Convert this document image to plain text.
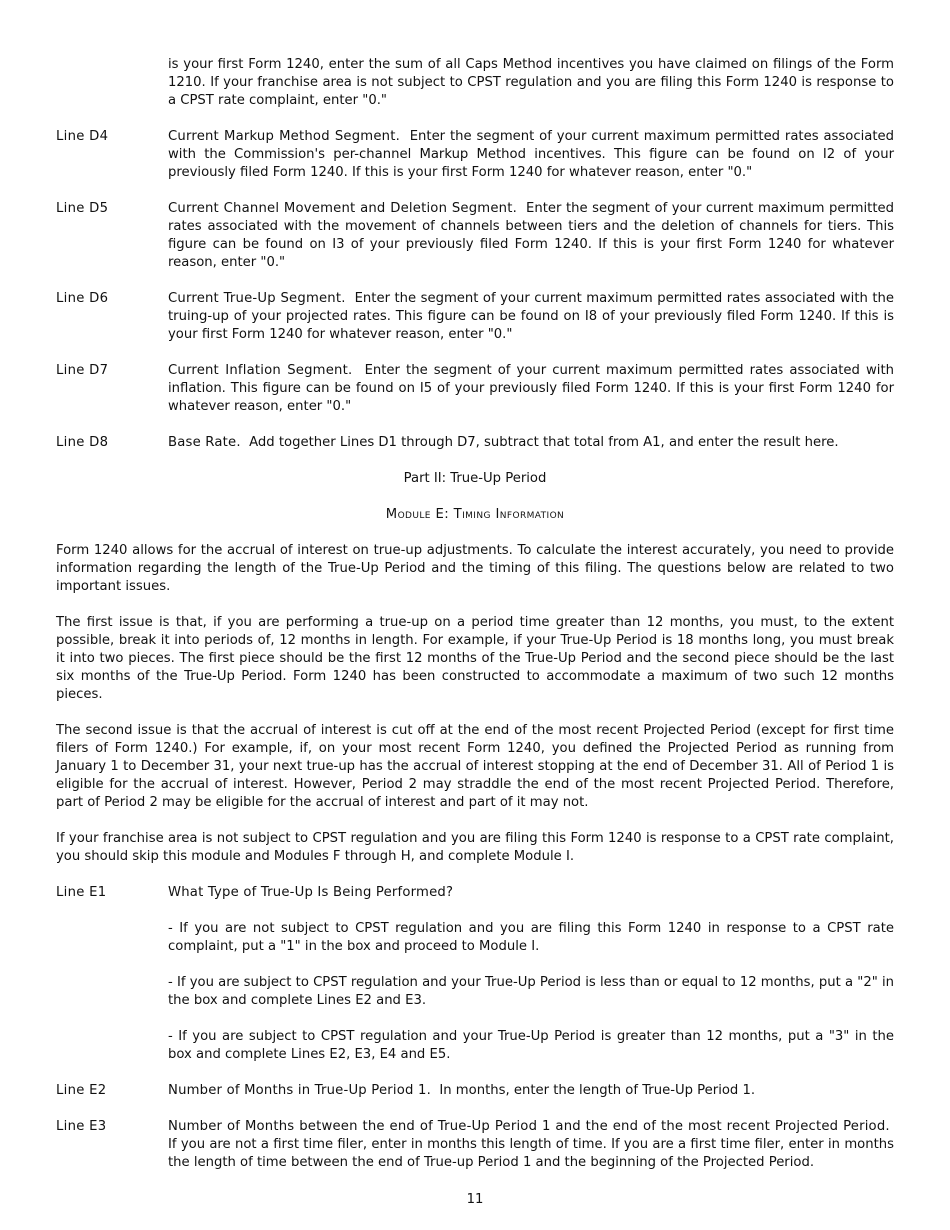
is your first Form 1240, enter the sum of all Caps Method incentives you have claimed on filings of the Form 1210. If your franchise area is not subject to CPST regulation and you are filing this Form 1240 is response to a CPST rate complaint, enter "0."
Line D4	Current Markup Method Segment. Enter the segment of your current maximum permitted rates associated with the Commission's per-channel Markup Method incentives. This figure can be found on I2 of your previously filed Form 1240. If this is your first Form 1240 for whatever reason, enter "0."
Line D5	Current Channel Movement and Deletion Segment. Enter the segment of your current maximum permitted rates associated with the movement of channels between tiers and the deletion of channels for tiers. This figure can be found on I3 of your previously filed Form 1240. If this is your first Form 1240 for whatever reason, enter "0."
Line D6	Current True-Up Segment. Enter the segment of your current maximum permitted rates associated with the truing-up of your projected rates. This figure can be found on I8 of your previously filed Form 1240. If this is your first Form 1240 for whatever reason, enter "0."
Line D7	Current Inflation Segment. Enter the segment of your current maximum permitted rates associated with inflation. This figure can be found on I5 of your previously filed Form 1240. If this is your first Form 1240 for whatever reason, enter "0."
Line D8	Base Rate. Add together Lines D1 through D7, subtract that total from A1, and enter the result here.
Part II: True-Up Period
Module E: Timing Information
Form 1240 allows for the accrual of interest on true-up adjustments. To calculate the interest accurately, you need to provide information regarding the length of the True-Up Period and the timing of this filing. The questions below are related to two important issues.
The first issue is that, if you are performing a true-up on a period time greater than 12 months, you must, to the extent possible, break it into periods of, 12 months in length. For example, if your True-Up Period is 18 months long, you must break it into two pieces. The first piece should be the first 12 months of the True-Up Period and the second piece should be the last six months of the True-Up Period. Form 1240 has been constructed to accommodate a maximum of two such 12 months pieces.
The second issue is that the accrual of interest is cut off at the end of the most recent Projected Period (except for first time filers of Form 1240.) For example, if, on your most recent Form 1240, you defined the Projected Period as running from January 1 to December 31, your next true-up has the accrual of interest stopping at the end of December 31. All of Period 1 is eligible for the accrual of interest. However, Period 2 may straddle the end of the most recent Projected Period. Therefore, part of Period 2 may be eligible for the accrual of interest and part of it may not.
If your franchise area is not subject to CPST regulation and you are filing this Form 1240 is response to a CPST rate complaint, you should skip this module and Modules F through H, and complete Module I.
Line E1	What Type of True-Up Is Being Performed?
- If you are not subject to CPST regulation and you are filing this Form 1240 in response to a CPST rate complaint, put a "1" in the box and proceed to Module I.
- If you are subject to CPST regulation and your True-Up Period is less than or equal to 12 months, put a "2" in the box and complete Lines E2 and E3.
- If you are subject to CPST regulation and your True-Up Period is greater than 12 months, put a "3" in the box and complete Lines E2, E3, E4 and E5.
Line E2	Number of Months in True-Up Period 1. In months, enter the length of True-Up Period 1.
Line E3	Number of Months between the end of True-Up Period 1 and the end of the most recent Projected Period.  If you are not a first time filer, enter in months this length of time. If you are a first time filer, enter in months the length of time between the end of True-up Period 1 and the beginning of the Projected Period.
11
